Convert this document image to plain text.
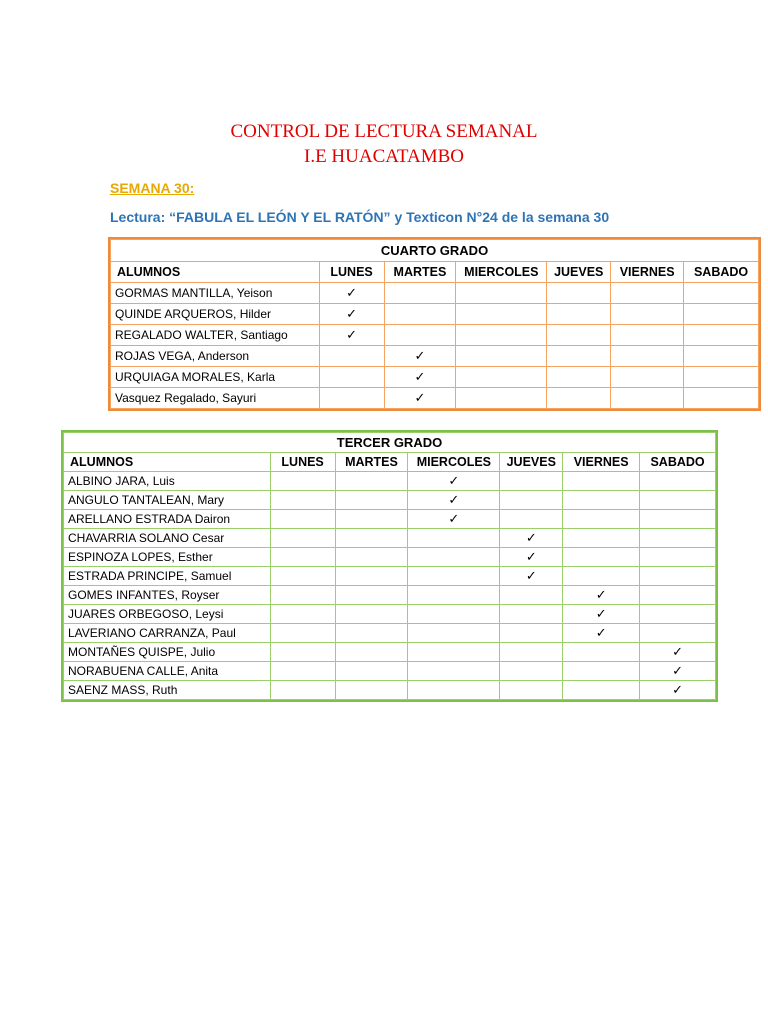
CONTROL DE LECTURA SEMANAL
I.E HUACATAMBO
SEMANA 30:
Lectura: “FABULA EL LEÓN Y EL RATÓN” y Texticon N°24 de la semana 30
CUARTO GRADO						
ALUMNOS	LUNES	MARTES	MIERCOLES	JUEVES	VIERNES	SABADO
GORMAS MANTILLA, Yeison	✓					
QUINDE ARQUEROS, Hilder	✓					
REGALADO WALTER, Santiago	✓					
ROJAS VEGA, Anderson		✓				
URQUIAGA MORALES, Karla		✓				
Vasquez Regalado, Sayuri		✓				
TERCER GRADO						
ALUMNOS	LUNES	MARTES	MIERCOLES	JUEVES	VIERNES	SABADO
ALBINO JARA, Luis			✓			
ANGULO TANTALEAN, Mary			✓			
ARELLANO ESTRADA Dairon			✓			
CHAVARRIA SOLANO Cesar				✓		
ESPINOZA LOPES, Esther				✓		
ESTRADA PRINCIPE, Samuel				✓		
GOMES INFANTES, Royser					✓	
JUARES ORBEGOSO, Leysi					✓	
LAVERIANO CARRANZA, Paul					✓	
MONTAÑES QUISPE, Julio						✓
NORABUENA CALLE, Anita						✓
SAENZ MASS, Ruth						✓
